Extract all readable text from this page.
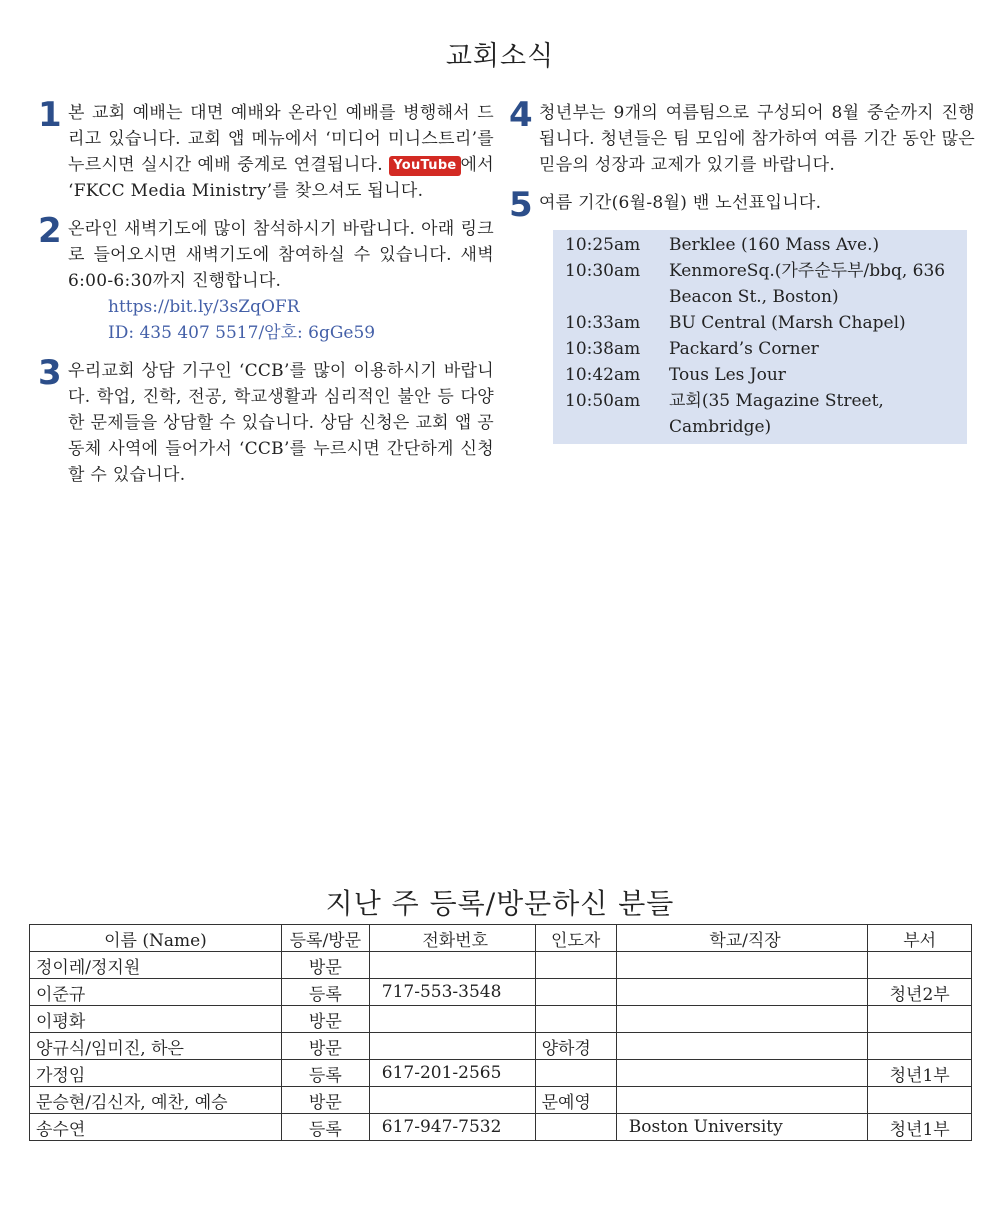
교회소식
1 본 교회 예배는 대면 예배와 온라인 예배를 병행해서 드리고 있습니다. 교회 앱 메뉴에서 ‘미디어 미니스트리’를 누르시면 실시간 예배 중계로 연결됩니다. YouTube 에서 ‘FKCC Media Ministry’를 찾으셔도 됩니다.
2 온라인 새벽기도에 많이 참석하시기 바랍니다. 아래 링크로 들어오시면 새벽기도에 참여하실 수 있습니다. 새벽 6:00-6:30까지 진행합니다.
https://bit.ly/3sZqOFR
ID: 435 407 5517/암호: 6gGe59
3 우리교회 상담 기구인 ‘CCB’를 많이 이용하시기 바랍니다. 학업, 진학, 전공, 학교생활과 심리적인 불안 등 다양한 문제들을 상담할 수 있습니다. 상담 신청은 교회 앱 공동체 사역에 들어가서 ‘CCB’를 누르시면 간단하게 신청할 수 있습니다.
4 청년부는 9개의 여름팀으로 구성되어 8월 중순까지 진행됩니다. 청년들은 팀 모임에 참가하여 여름 기간 동안 많은 믿음의 성장과 교제가 있기를 바랍니다.
5 여름 기간(6월-8월) 밴 노선표입니다.
10:25am	Berklee (160 Mass Ave.)
10:30am	KenmoreSq.(가주순두부/bbq, 636 Beacon St., Boston)
10:33am	BU Central (Marsh Chapel)
10:38am	Packard’s Corner
10:42am	Tous Les Jour
10:50am	교회(35 Magazine Street, Cambridge)
지난 주 등록/방문하신 분들
이름 (Name)	등록/방문	전화번호	인도자	학교/직장	부서
정이레/정지원	방문				
이준규	등록	717-553-3548			청년2부
이평화	방문				
양규식/임미진, 하은	방문		양하경		
가정임	등록	617-201-2565			청년1부
문승현/김신자, 예찬, 예승	방문		문예영		
송수연	등록	617-947-7532		Boston University	청년1부
